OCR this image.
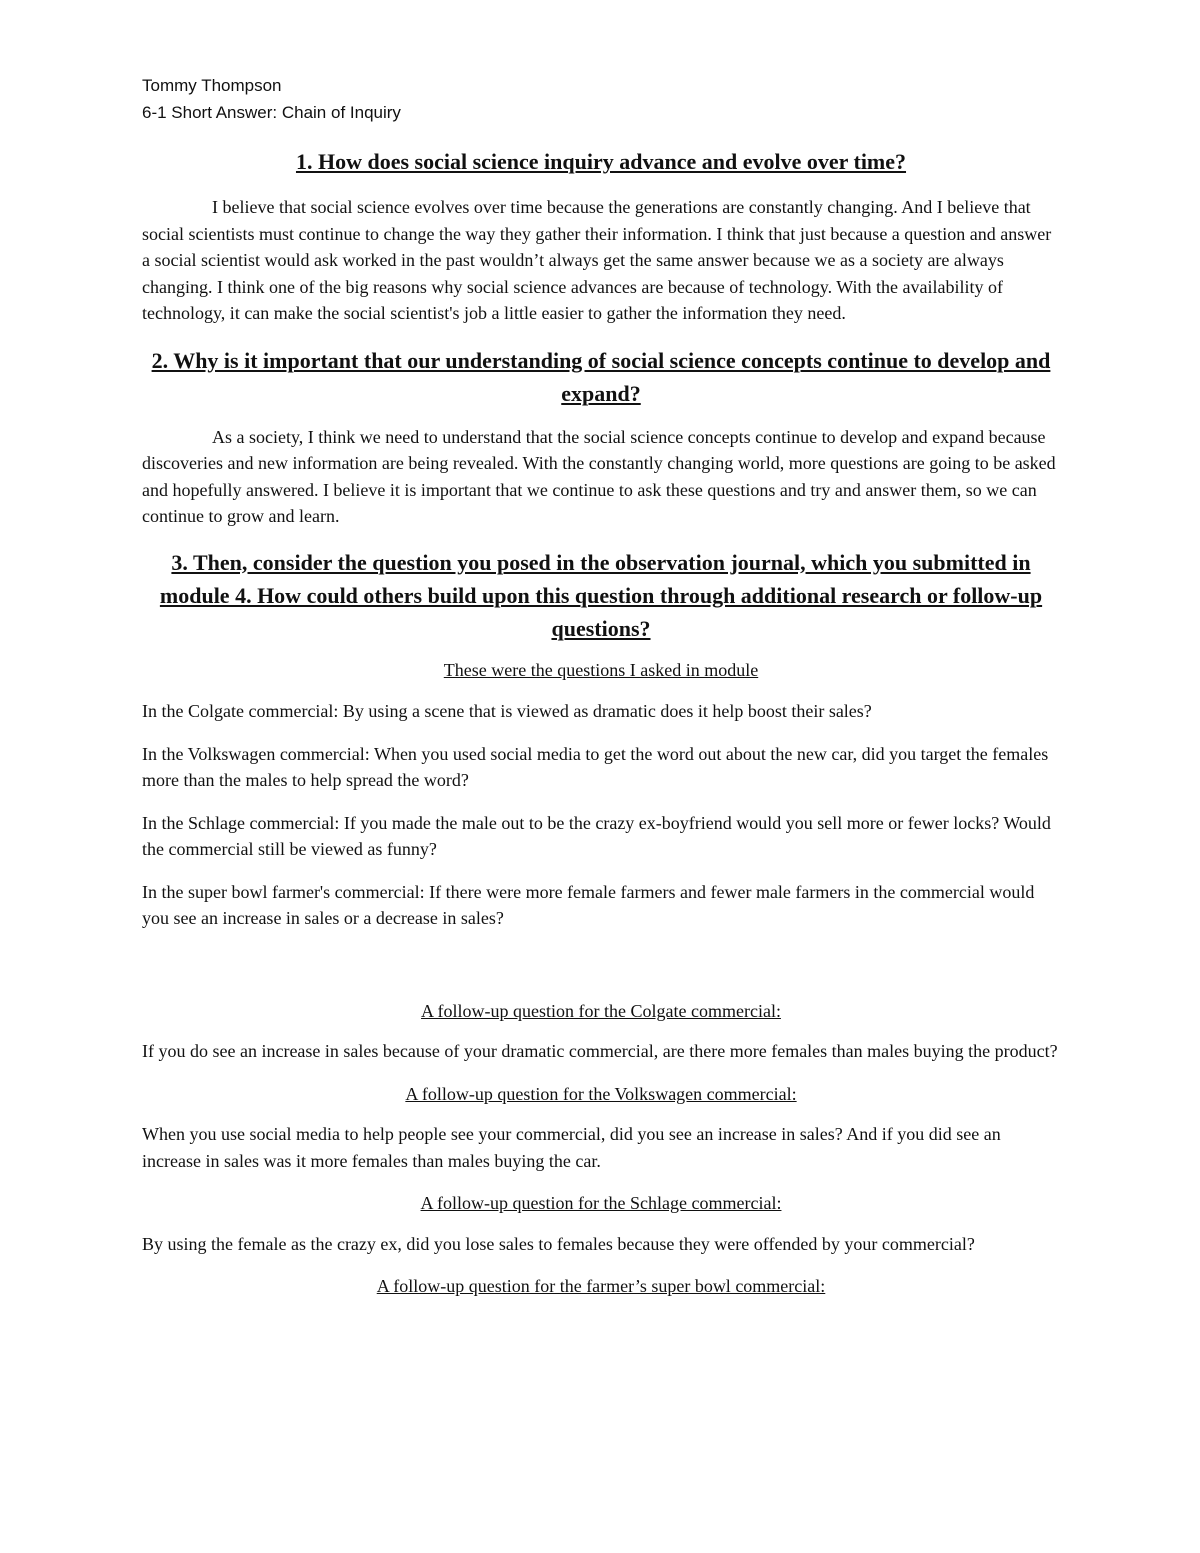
Tommy Thompson

6-1 Short Answer: Chain of Inquiry

1. How does social science inquiry advance and evolve over time?

I believe that social science evolves over time because the generations are constantly changing. And I believe that social scientists must continue to change the way they gather their information. I think that just because a question and answer a social scientist would ask worked in the past wouldn’t always get the same answer because we as a society are always changing. I think one of the big reasons why social science advances are because of technology. With the availability of technology, it can make the social scientist's job a little easier to gather the information they need.

2. Why is it important that our understanding of social science concepts continue to develop and expand?

As a society, I think we need to understand that the social science concepts continue to develop and expand because discoveries and new information are being revealed. With the constantly changing world, more questions are going to be asked and hopefully answered. I believe it is important that we continue to ask these questions and try and answer them, so we can continue to grow and learn.

3. Then, consider the question you posed in the observation journal, which you submitted in module 4. How could others build upon this question through additional research or follow-up questions?

These were the questions I asked in module

In the Colgate commercial: By using a scene that is viewed as dramatic does it help boost their sales?

In the Volkswagen commercial: When you used social media to get the word out about the new car, did you target the females more than the males to help spread the word?

In the Schlage commercial: If you made the male out to be the crazy ex-boyfriend would you sell more or fewer locks? Would the commercial still be viewed as funny?

In the super bowl farmer's commercial: If there were more female farmers and fewer male farmers in the commercial would you see an increase in sales or a decrease in sales?

A follow-up question for the Colgate commercial:

If you do see an increase in sales because of your dramatic commercial, are there more females than males buying the product?

A follow-up question for the Volkswagen commercial:

When you use social media to help people see your commercial, did you see an increase in sales? And if you did see an increase in sales was it more females than males buying the car.

A follow-up question for the Schlage commercial:

By using the female as the crazy ex, did you lose sales to females because they were offended by your commercial?

A follow-up question for the farmer’s super bowl commercial:
